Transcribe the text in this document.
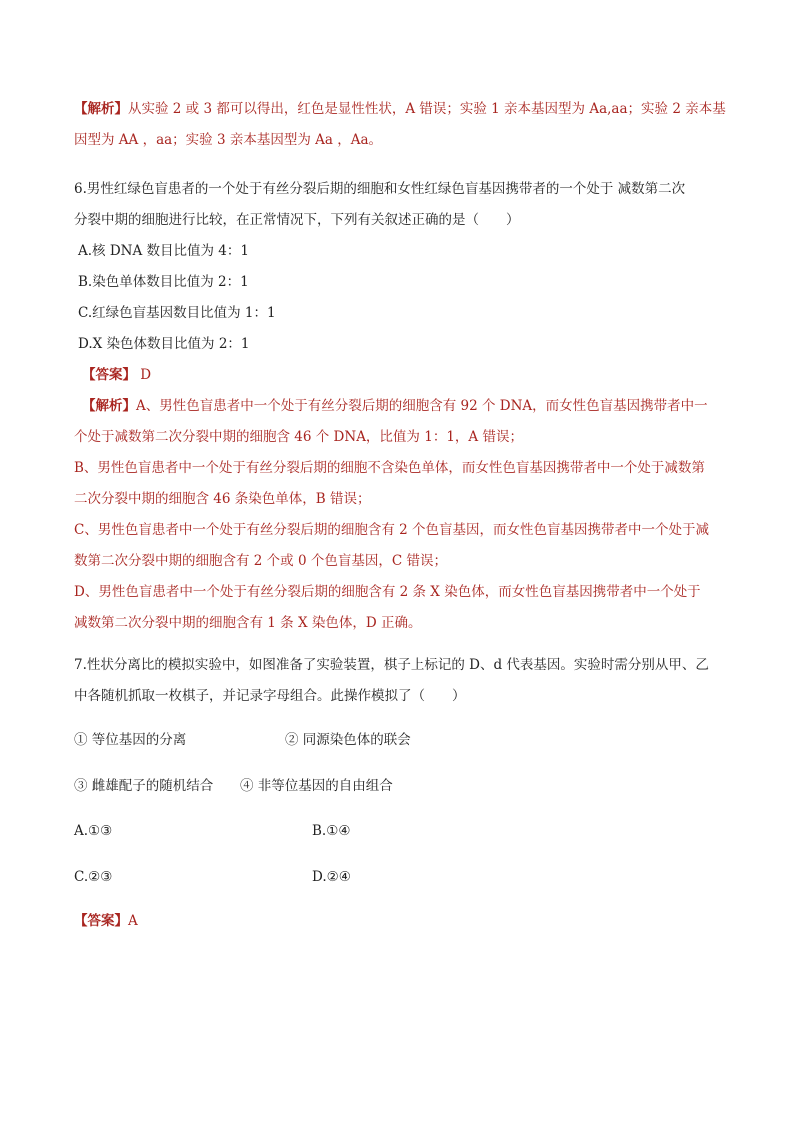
【解析】从实验 2 或 3 都可以得出，红色是显性性状，A 错误；实验 1 亲本基因型为 Aa,aa；实验 2 亲本基
因型为 AA ，aa；实验 3 亲本基因型为 Aa ，Aa。
6.男性红绿色盲患者的一个处于有丝分裂后期的细胞和女性红绿色盲基因携带者的一个处于 减数第二次
分裂中期的细胞进行比较，在正常情况下，下列有关叙述正确的是（　　）
A.核 DNA 数目比值为 4：1
B.染色单体数目比值为 2：1
C.红绿色盲基因数目比值为 1：1
D.X 染色体数目比值为 2：1
【答案】 D
【解析】A、男性色盲患者中一个处于有丝分裂后期的细胞含有 92 个 DNA，而女性色盲基因携带者中一
个处于减数第二次分裂中期的细胞含 46 个 DNA，比值为 1：1，A 错误；
B、男性色盲患者中一个处于有丝分裂后期的细胞不含染色单体，而女性色盲基因携带者中一个处于减数第
二次分裂中期的细胞含 46 条染色单体，B 错误；
C、男性色盲患者中一个处于有丝分裂后期的细胞含有 2 个色盲基因，而女性色盲基因携带者中一个处于减
数第二次分裂中期的细胞含有 2 个或 0 个色盲基因，C 错误；
D、男性色盲患者中一个处于有丝分裂后期的细胞含有 2 条 X 染色体，而女性色盲基因携带者中一个处于
减数第二次分裂中期的细胞含有 1 条 X 染色体，D 正确。
7.性状分离比的模拟实验中，如图准备了实验装置，棋子上标记的 D、d 代表基因。实验时需分别从甲、乙
中各随机抓取一枚棋子，并记录字母组合。此操作模拟了（　　）
① 等位基因的分离	② 同源染色体的联会
③ 雌雄配子的随机结合 ④ 非等位基因的自由组合
A.①③	B.①④
C.②③	D.②④
【答案】A
